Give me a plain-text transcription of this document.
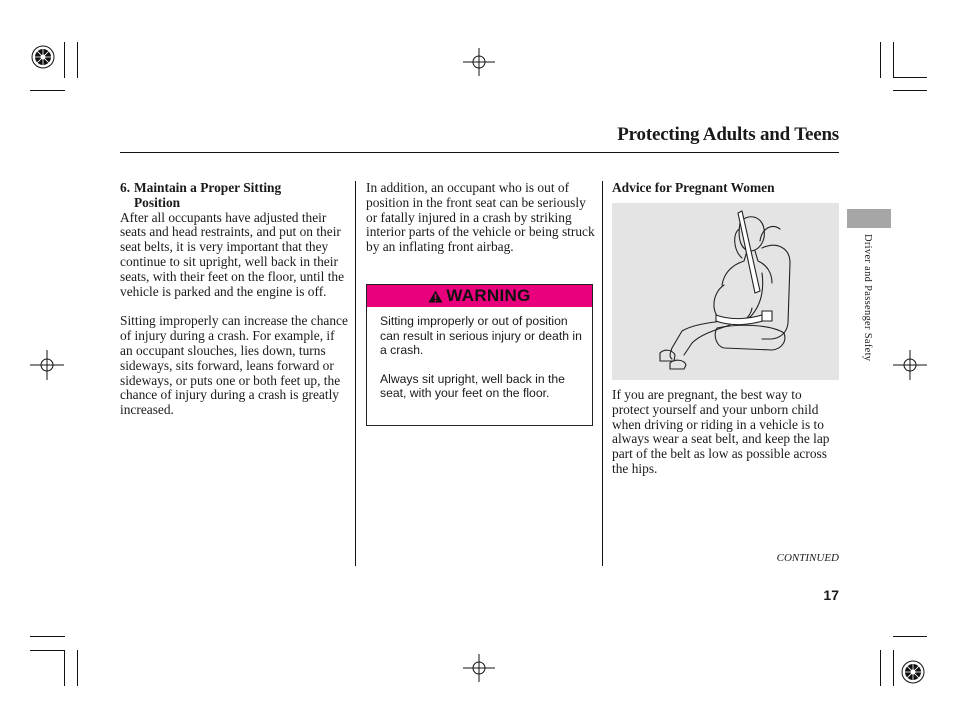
Protecting Adults and Teens
6. Maintain a Proper Sitting
Position

After all occupants have adjusted their seats and head restraints, and put on their seat belts, it is very important that they continue to sit upright, well back in their seats, with their feet on the floor, until the vehicle is parked and the engine is off.

Sitting improperly can increase the chance of injury during a crash. For example, if an occupant slouches, lies down, turns sideways, sits forward, leans forward or sideways, or puts one or both feet up, the chance of injury during a crash is greatly increased.

In addition, an occupant who is out of position in the front seat can be seriously or fatally injured in a crash by striking interior parts of the vehicle or being struck by an inflating front airbag.

WARNING

Sitting improperly or out of position can result in serious injury or death in a crash.

Always sit upright, well back in the seat, with your feet on the floor.

Advice for Pregnant Women

If you are pregnant, the best way to protect yourself and your unborn child when driving or riding in a vehicle is to always wear a seat belt, and keep the lap part of the belt as low as possible across the hips.

Driver and Passenger Safety
CONTINUED
17
